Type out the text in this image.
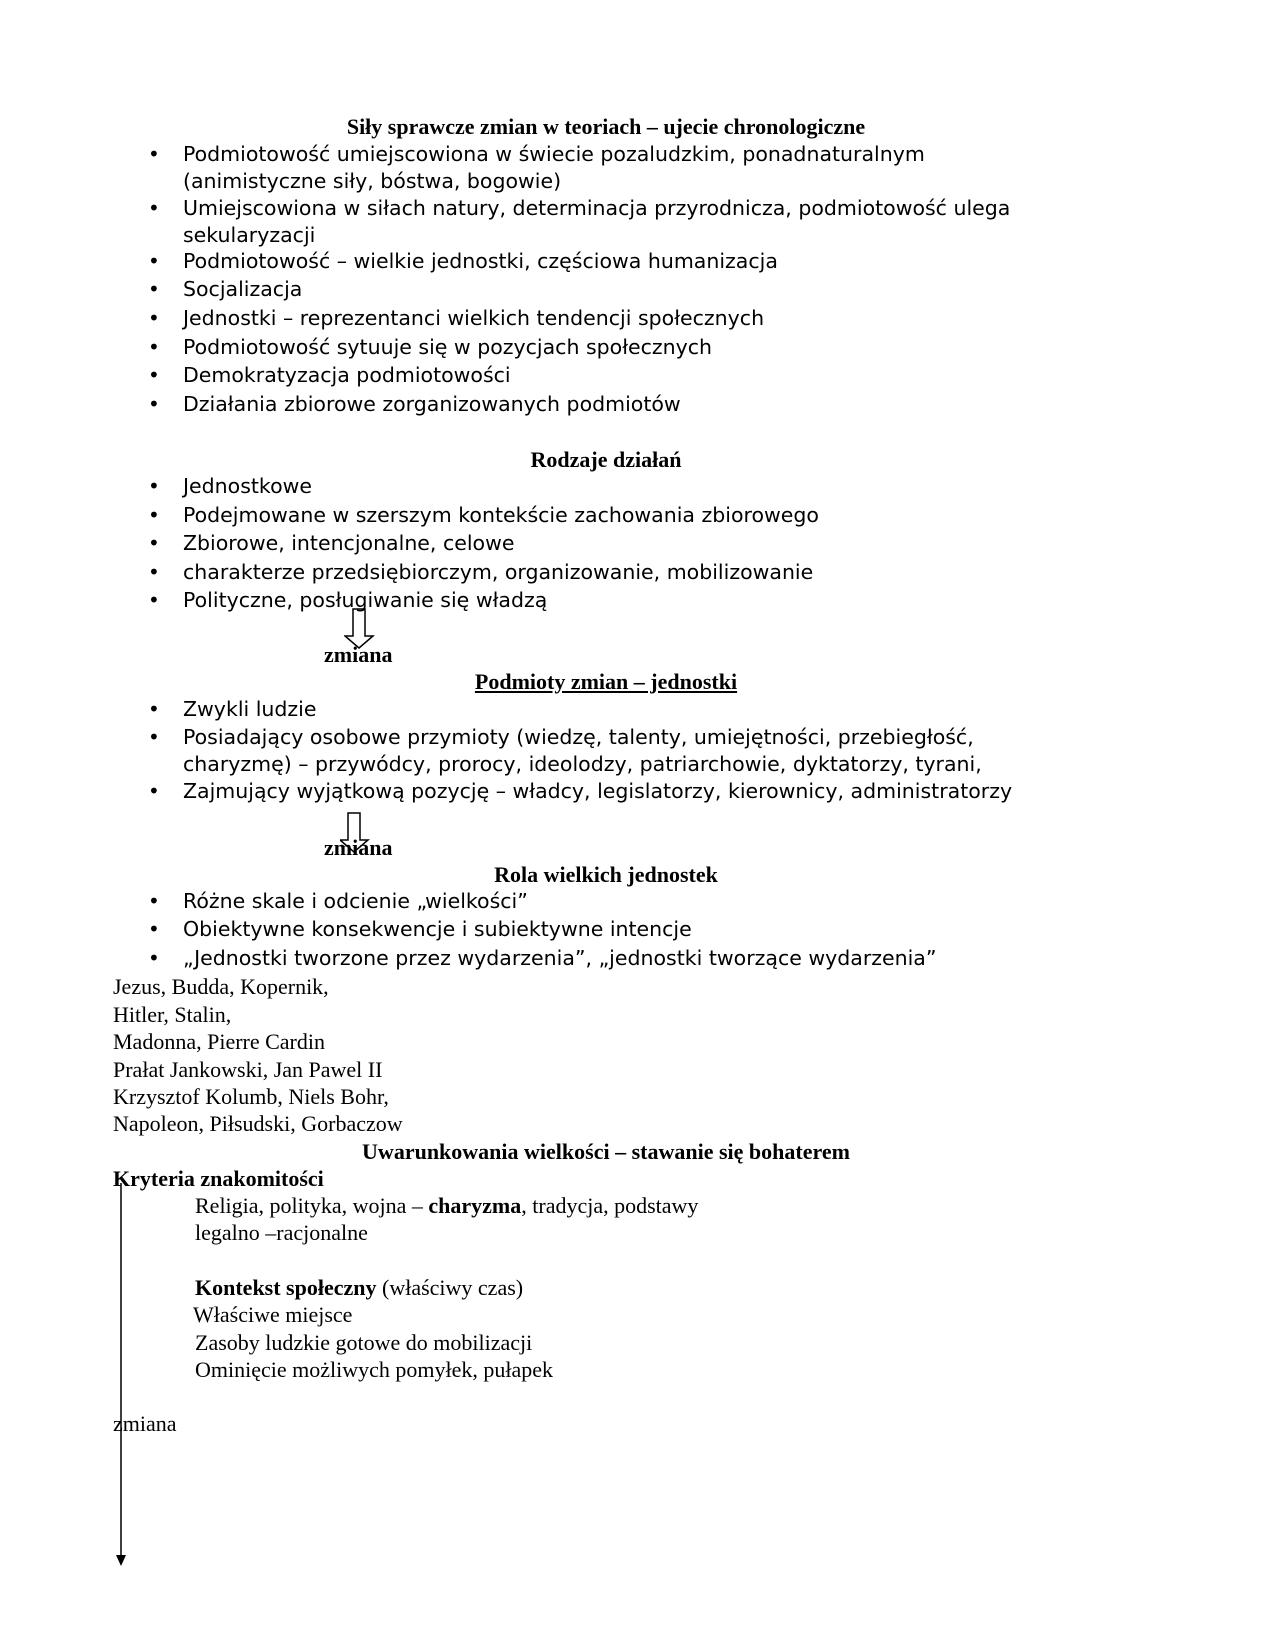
zmiana
zmiana
Uwarunkowania wielkości – stawanie się bohaterem
Kryteria znakomitości
Religia, polityka, wojna – charyzma, tradycja, podstawy
legalno –racjonalne
Kontekst społeczny (właściwy czas)
Właściwe miejsce
Zasoby ludzkie gotowe do mobilizacji
Ominięcie możliwych pomyłek, pułapek
zmiana
Siły sprawcze zmian w teoriach – ujecie chronologiczne
• Podmiotowość umiejscowiona w świecie pozaludzkim, ponadnaturalnym
(animistyczne siły, bóstwa, bogowie)
• Umiejscowiona w siłach natury, determinacja przyrodnicza, podmiotowość ulega
sekularyzacji
• Podmiotowość – wielkie jednostki, częściowa humanizacja
• Socjalizacja
• Jednostki – reprezentanci wielkich tendencji społecznych
• Podmiotowość sytuuje się w pozycjach społecznych
• Demokratyzacja podmiotowości
• Działania zbiorowe zorganizowanych podmiotów
Rodzaje działań
• Jednostkowe
• Podejmowane w szerszym kontekście zachowania zbiorowego
• Zbiorowe, intencjonalne, celowe
• charakterze przedsiębiorczym, organizowanie, mobilizowanie
• Polityczne, posługiwanie się władzą
Podmioty zmian – jednostki
• Zwykli ludzie
• Posiadający osobowe przymioty (wiedzę, talenty, umiejętności, przebiegłość,
charyzmę) – przywódcy, prorocy, ideolodzy, patriarchowie, dyktatorzy, tyrani,
• Zajmujący wyjątkową pozycję – władcy, legislatorzy, kierownicy, administratorzy
Rola wielkich jednostek
• Różne skale i odcienie „wielkości”
• Obiektywne konsekwencje i subiektywne intencje
• „Jednostki tworzone przez wydarzenia”, „jednostki tworzące wydarzenia”
Jezus, Budda, Kopernik,
Hitler, Stalin,
Madonna, Pierre Cardin
Prałat Jankowski, Jan Pawel II
Krzysztof Kolumb, Niels Bohr,
Napoleon, Piłsudski, Gorbaczow
